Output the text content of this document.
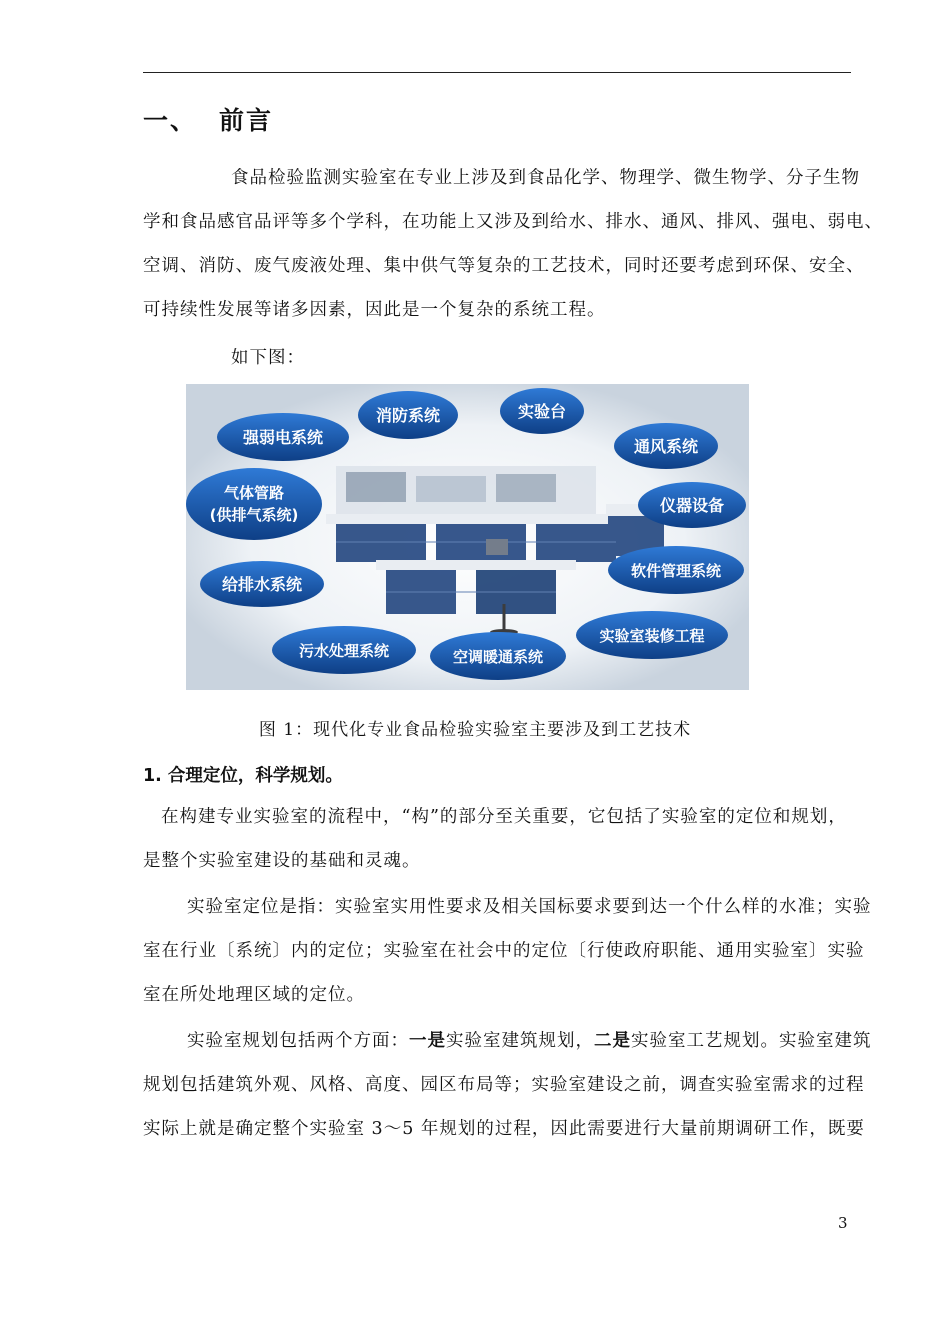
一、 前言
食品检验监测实验室在专业上涉及到食品化学、物理学、微生物学、分子生物
学和食品感官品评等多个学科，在功能上又涉及到给水、排水、通风、排风、强电、弱电、
空调、消防、废气废液处理、集中供气等复杂的工艺技术，同时还要考虑到环保、安全、
可持续性发展等诸多因素，因此是一个复杂的系统工程。
如下图：
消防系统	实验台
强弱电系统	通风系统
气体管路
(供排气系统)	仪器设备
软件管理系统
给排水系统
实验室装修工程
污水处理系统	空调暖通系统
图 1：现代化专业食品检验实验室主要涉及到工艺技术
1. 合理定位，科学规划。
在构建专业实验室的流程中，“构”的部分至关重要，它包括了实验室的定位和规划，
是整个实验室建设的基础和灵魂。
实验室定位是指：实验室实用性要求及相关国标要求要到达一个什么样的水准；实验
室在行业〔系统〕内的定位；实验室在社会中的定位〔行使政府职能、通用实验室〕实验
室在所处地理区域的定位。
实验室规划包括两个方面：一是实验室建筑规划，二是实验室工艺规划。实验室建筑
规划包括建筑外观、风格、高度、园区布局等；实验室建设之前，调查实验室需求的过程
实际上就是确定整个实验室 3～5 年规划的过程，因此需要进行大量前期调研工作，既要
3
